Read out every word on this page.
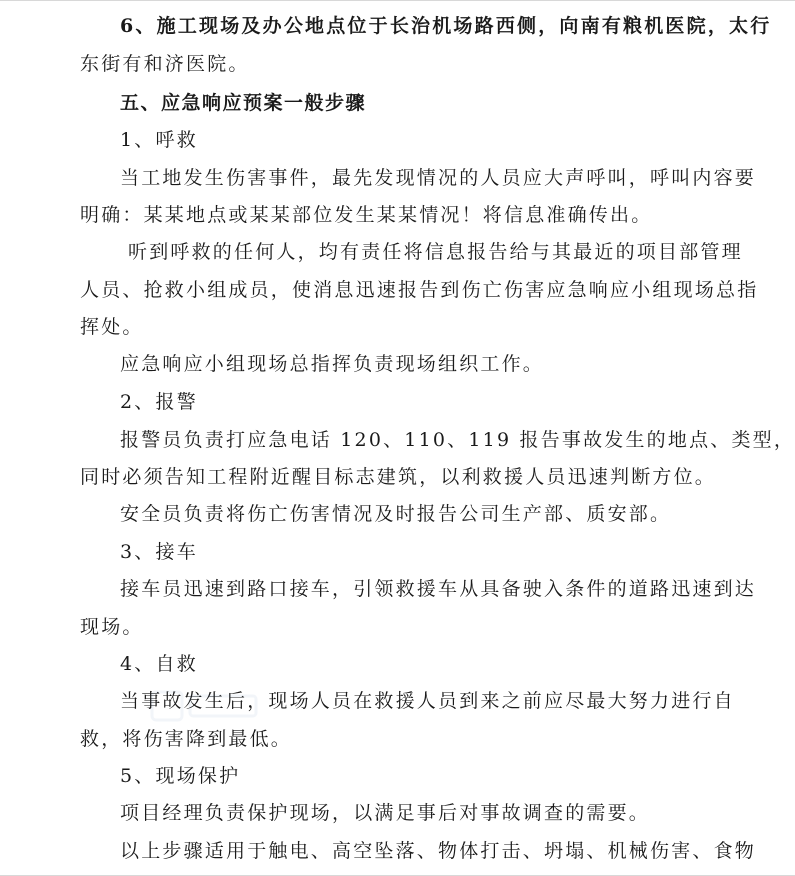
6、施工现场及办公地点位于长治机场路西侧，向南有粮机医院，太行
东街有和济医院。
五、应急响应预案一般步骤
1、呼救
当工地发生伤害事件，最先发现情况的人员应大声呼叫，呼叫内容要
明确：某某地点或某某部位发生某某情况！将信息准确传出。
听到呼救的任何人，均有责任将信息报告给与其最近的项目部管理
人员、抢救小组成员，使消息迅速报告到伤亡伤害应急响应小组现场总指
挥处。
应急响应小组现场总指挥负责现场组织工作。
2、报警
报警员负责打应急电话 120、110、119 报告事故发生的地点、类型，
同时必须告知工程附近醒目标志建筑，以利救援人员迅速判断方位。
安全员负责将伤亡伤害情况及时报告公司生产部、质安部。
3、接车
接车员迅速到路口接车，引领救援车从具备驶入条件的道路迅速到达
现场。
4、自救
当事故发生后，现场人员在救援人员到来之前应尽最大努力进行自
救，将伤害降到最低。
5、现场保护
项目经理负责保护现场，以满足事后对事故调查的需要。
以上步骤适用于触电、高空坠落、物体打击、坍塌、机械伤害、食物
